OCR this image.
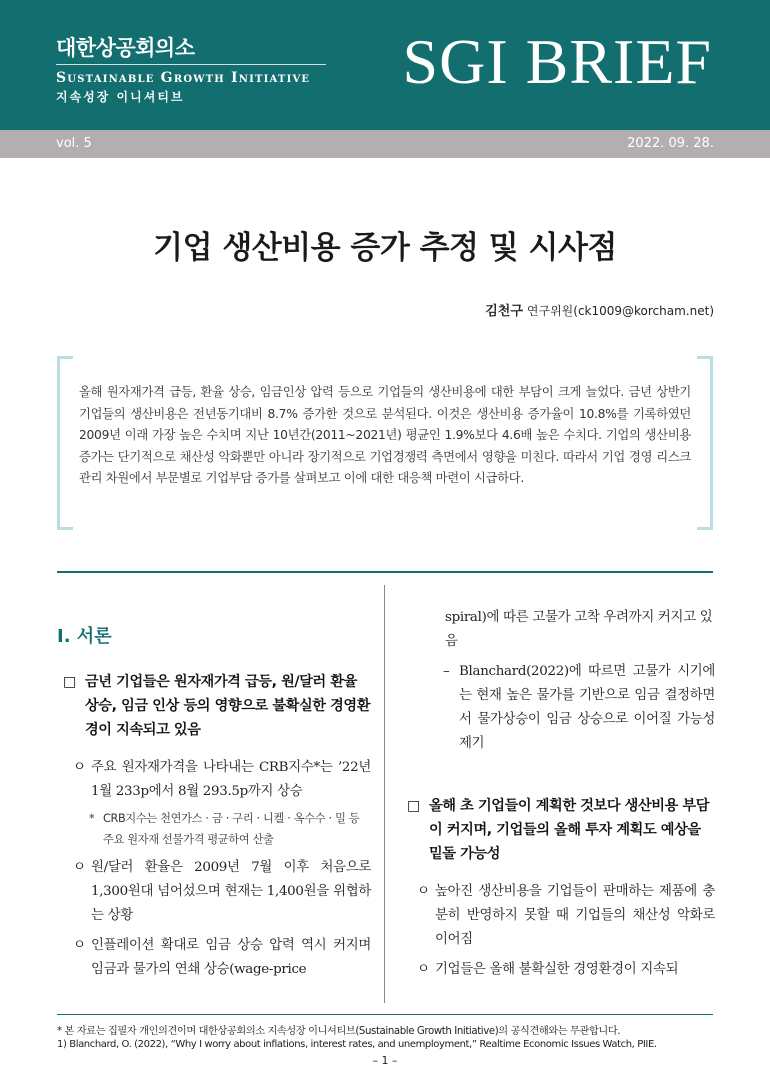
대한상공회의소
Sustainable Growth Initiative
지속성장 이니셔티브	SGI BRIEF
vol. 5	2022. 09. 28.
기업 생산비용 증가 추정 및 시사점
김천구 연구위원(ck1009@korcham.net)
올해 원자재가격 급등, 환율 상승, 임금인상 압력 등으로 기업들의 생산비용에 대한 부담이 크게 늘었다. 금년 상반기 기업들의 생산비용은 전년동기대비 8.7% 증가한 것으로 분석된다. 이것은 생산비용 증가율이 10.8%를 기록하였던 2009년 이래 가장 높은 수치며 지난 10년간(2011~2021년) 평균인 1.9%보다 4.6배 높은 수치다. 기업의 생산비용 증가는 단기적으로 채산성 악화뿐만 아니라 장기적으로 기업경쟁력 측면에서 영향을 미친다. 따라서 기업 경영 리스크 관리 차원에서 부문별로 기업부담 증가를 살펴보고 이에 대한 대응책 마련이 시급하다.
Ⅰ. 서론
□ 금년 기업들은 원자재가격 급등, 원/달러 환율 상승, 임금 인상 등의 영향으로 불확실한 경영환경이 지속되고 있음
ㅇ 주요 원자재가격을 나타내는 CRB지수*는 ’22년 1월 233p에서 8월 293.5p까지 상승
* CRB지수는 천연가스 · 금 · 구리 · 니켈 · 옥수수 · 밀 등 주요 원자재 선물가격 평균하여 산출
ㅇ 원/달러 환율은 2009년 7월 이후 처음으로 1,300원대 넘어섰으며 현재는 1,400원을 위협하는 상황
ㅇ 인플레이션 확대로 임금 상승 압력 역시 커지며 임금과 물가의 연쇄 상승(wage-price
spiral)에 따른 고물가 고착 우려까지 커지고 있음
– Blanchard(2022)에 따르면 고물가 시기에는 현재 높은 물가를 기반으로 임금 결정하면서 물가상승이 임금 상승으로 이어질 가능성 제기
□ 올해 초 기업들이 계획한 것보다 생산비용 부담이 커지며, 기업들의 올해 투자 계획도 예상을 밑돌 가능성
ㅇ 높아진 생산비용을 기업들이 판매하는 제품에 충분히 반영하지 못할 때 기업들의 채산성 악화로 이어짐
ㅇ 기업들은 올해 불확실한 경영환경이 지속되
* 본 자료는 집필자 개인의견이며 대한상공회의소 지속성장 이니셔티브(Sustainable Growth Initiative)의 공식견해와는 무관합니다.
1) Blanchard, O. (2022), “Why I worry about inflations, interest rates, and unemployment,” Realtime Economic Issues Watch, PIIE.
– 1 –
